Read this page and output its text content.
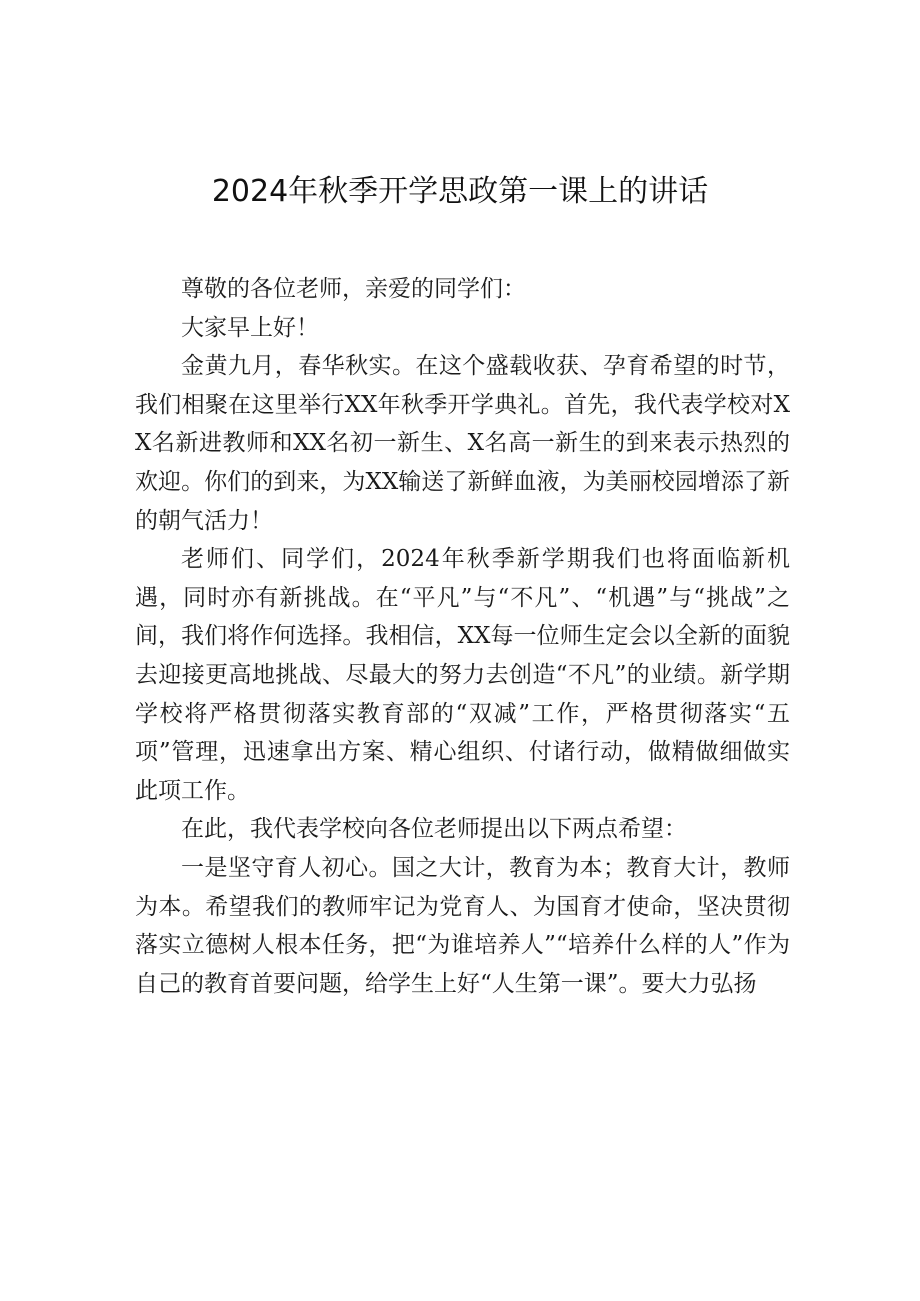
2024年秋季开学思政第一课上的讲话

尊敬的各位老师，亲爱的同学们：

大家早上好！

金黄九月，春华秋实。在这个盛载收获、孕育希望的时节，我们相聚在这里举行XX年秋季开学典礼。首先，我代表学校对XX名新进教师和XX名初一新生、X名高一新生的到来表示热烈的欢迎。你们的到来，为XX输送了新鲜血液，为美丽校园增添了新的朝气活力！

老师们、同学们，2024年秋季新学期我们也将面临新机遇，同时亦有新挑战。在“平凡”与“不凡”、“机遇”与“挑战”之间，我们将作何选择。我相信，XX每一位师生定会以全新的面貌去迎接更高地挑战、尽最大的努力去创造“不凡”的业绩。新学期学校将严格贯彻落实教育部的“双减”工作，严格贯彻落实“五项”管理，迅速拿出方案、精心组织、付诸行动，做精做细做实此项工作。

在此，我代表学校向各位老师提出以下两点希望：

一是坚守育人初心。国之大计，教育为本；教育大计，教师为本。希望我们的教师牢记为党育人、为国育才使命，坚决贯彻落实立德树人根本任务，把“为谁培养人”“培养什么样的人”作为自己的教育首要问题，给学生上好“人生第一课”。要大力弘扬
